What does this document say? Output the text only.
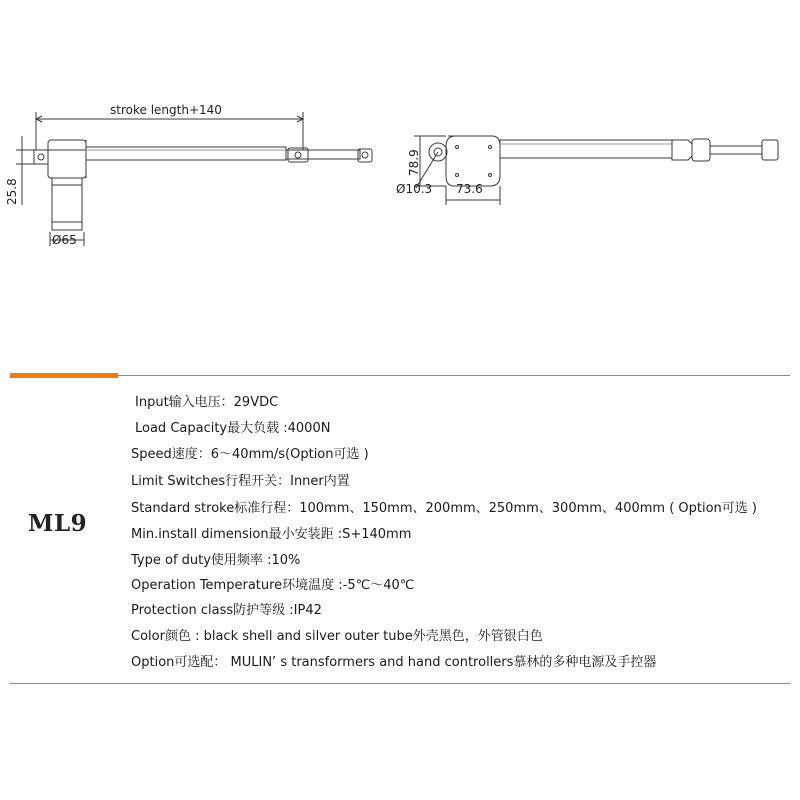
stroke length+140
25.8
Ø65
78.9
Ø10.3 73.6
ML9
Input输入电压：29VDC
Load Capacity最大负载 :4000N
Speed速度：6～40mm/s(Option可选 )
Limit Switches行程开关：Inner内置
Standard stroke标准行程：100mm、150mm、200mm、250mm、300mm、400mm ( Option可选 )
Min.install dimension最小安装距 :S+140mm
Type of duty使用频率 :10%
Operation Temperature环境温度 :-5℃～40℃
Protection class防护等级 :IP42
Color颜色 : black shell and silver outer tube外壳黑色，外管银白色
Option可选配： MULIN’ s transformers and hand controllers慕林的多种电源及手控器
